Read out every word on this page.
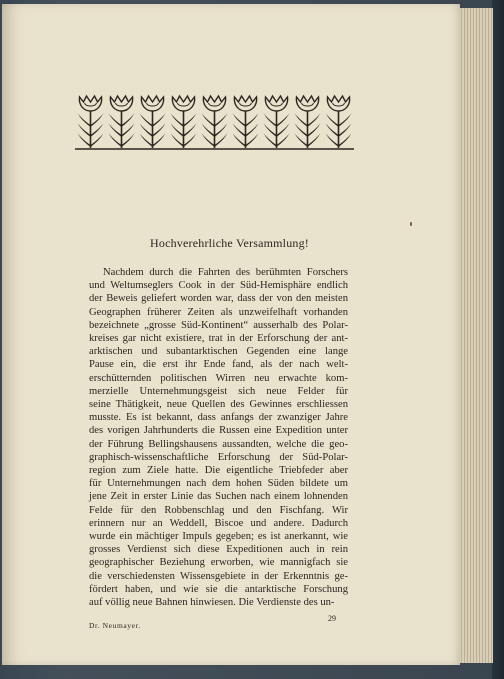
Hochverehrliche Versammlung!
Nachdem durch die Fahrten des berühmten Forschers
und Weltumseglers Cook in der Süd-Hemisphäre endlich
der Beweis geliefert worden war, dass der von den meisten
Geographen früherer Zeiten als unzweifelhaft vorhanden
bezeichnete „grosse Süd-Kontinent“ ausserhalb des Polar-
kreises gar nicht existiere, trat in der Erforschung der ant-
arktischen und subantarktischen Gegenden eine lange
Pause ein, die erst ihr Ende fand, als der nach welt-
erschütternden politischen Wirren neu erwachte kom-
merzielle Unternehmungsgeist sich neue Felder für
seine Thätigkeit, neue Quellen des Gewinnes erschliessen
musste. Es ist bekannt, dass anfangs der zwanziger Jahre
des vorigen Jahrhunderts die Russen eine Expedition unter
der Führung Bellingshausens aussandten, welche die geo-
graphisch-wissenschaftliche Erforschung der Süd-Polar-
region zum Ziele hatte. Die eigentliche Triebfeder aber
für Unternehmungen nach dem hohen Süden bildete um
jene Zeit in erster Linie das Suchen nach einem lohnenden
Felde für den Robbenschlag und den Fischfang. Wir
erinnern nur an Weddell, Biscoe und andere. Dadurch
wurde ein mächtiger Impuls gegeben; es ist anerkannt, wie
grosses Verdienst sich diese Expeditionen auch in rein
geographischer Beziehung erworben, wie mannigfach sie
die verschiedensten Wissensgebiete in der Erkenntnis ge-
fördert haben, und wie sie die antarktische Forschung
auf völlig neue Bahnen hinwiesen. Die Verdienste des un-
Dr. Neumayer.
29
